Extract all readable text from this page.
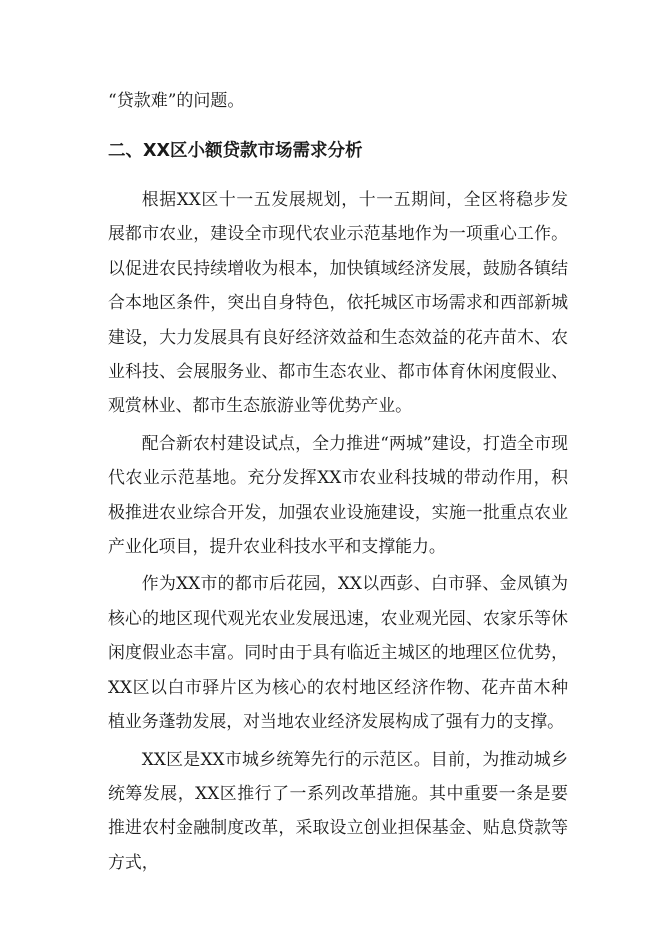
“贷款难”的问题。

二、XX区小额贷款市场需求分析

根据XX区十一五发展规划，十一五期间，全区将稳步发展都市农业，建设全市现代农业示范基地作为一项重心工作。以促进农民持续增收为根本，加快镇域经济发展，鼓励各镇结合本地区条件，突出自身特色，依托城区市场需求和西部新城建设，大力发展具有良好经济效益和生态效益的花卉苗木、农业科技、会展服务业、都市生态农业、都市体育休闲度假业、观赏林业、都市生态旅游业等优势产业。

配合新农村建设试点，全力推进“两城”建设，打造全市现代农业示范基地。充分发挥XX市农业科技城的带动作用，积极推进农业综合开发，加强农业设施建设，实施一批重点农业产业化项目，提升农业科技水平和支撑能力。

作为XX市的都市后花园，XX以西彭、白市驿、金凤镇为核心的地区现代观光农业发展迅速，农业观光园、农家乐等休闲度假业态丰富。同时由于具有临近主城区的地理区位优势，XX区以白市驿片区为核心的农村地区经济作物、花卉苗木种植业务蓬勃发展，对当地农业经济发展构成了强有力的支撑。

XX区是XX市城乡统筹先行的示范区。目前，为推动城乡统筹发展，XX区推行了一系列改革措施。其中重要一条是要推进农村金融制度改革，采取设立创业担保基金、贴息贷款等方式，
